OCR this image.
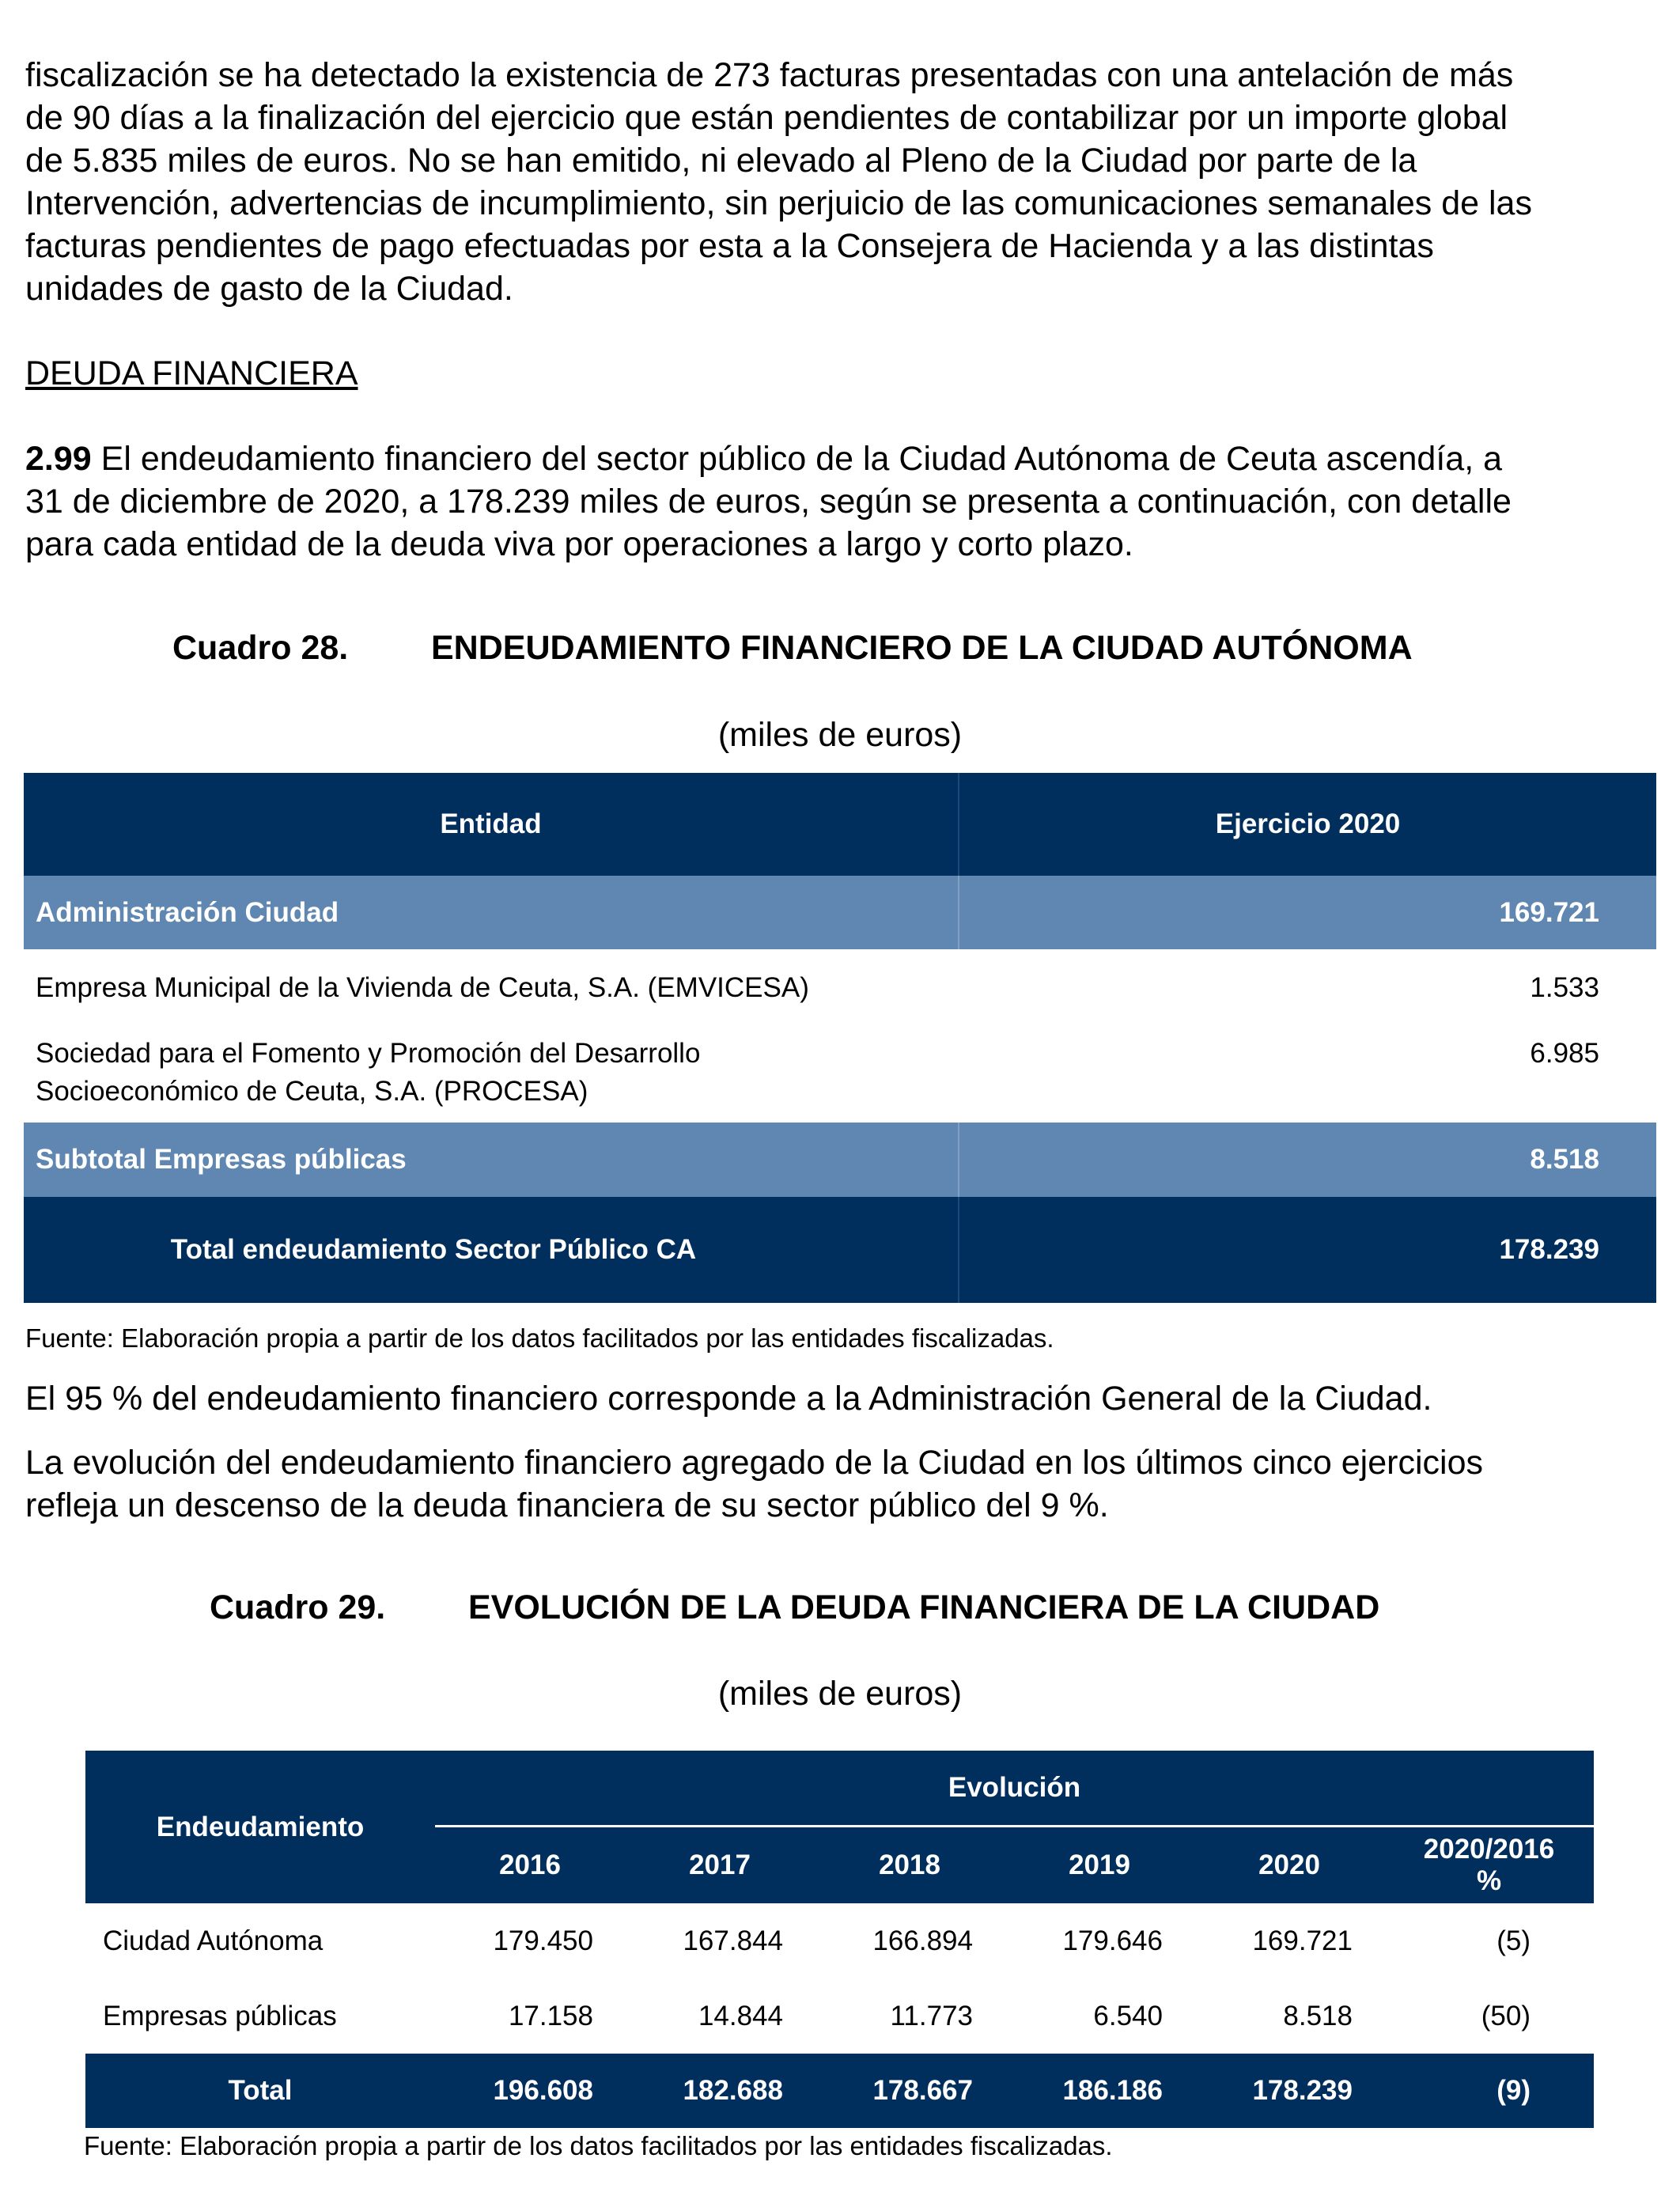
fiscalización se ha detectado la existencia de 273 facturas presentadas con una antelación de más
de 90 días a la finalización del ejercicio que están pendientes de contabilizar por un importe global
de 5.835 miles de euros. No se han emitido, ni elevado al Pleno de la Ciudad por parte de la
Intervención, advertencias de incumplimiento, sin perjuicio de las comunicaciones semanales de las
facturas pendientes de pago efectuadas por esta a la Consejera de Hacienda y a las distintas
unidades de gasto de la Ciudad.
DEUDA FINANCIERA
2.99 El endeudamiento financiero del sector público de la Ciudad Autónoma de Ceuta ascendía, a
31 de diciembre de 2020, a 178.239 miles de euros, según se presenta a continuación, con detalle
para cada entidad de la deuda viva por operaciones a largo y corto plazo.
Cuadro 28. ENDEUDAMIENTO FINANCIERO DE LA CIUDAD AUTÓNOMA
(miles de euros)
Entidad	Ejercicio 2020
Administración Ciudad	169.721
Empresa Municipal de la Vivienda de Ceuta, S.A. (EMVICESA)	1.533

Sociedad para el Fomento y Promoción del Desarrollo
Socioeconómico de Ceuta, S.A. (PROCESA)	6.985
Subtotal Empresas públicas	8.518
Total endeudamiento Sector Público CA	178.239
Fuente: Elaboración propia a partir de los datos facilitados por las entidades fiscalizadas.
El 95 % del endeudamiento financiero corresponde a la Administración General de la Ciudad.
La evolución del endeudamiento financiero agregado de la Ciudad en los últimos cinco ejercicios
refleja un descenso de la deuda financiera de su sector público del 9 %.
Cuadro 29. EVOLUCIÓN DE LA DEUDA FINANCIERA DE LA CIUDAD
(miles de euros)
Endeudamiento	Evolución					
	2016	2017	2018	2019	2020	2020/2016
%

Ciudad Autónoma	179.450	167.844	166.894	179.646	169.721	(5)
Empresas públicas	17.158	14.844	11.773	6.540	8.518	(50)
Total	196.608	182.688	178.667	186.186	178.239	(9)
Fuente: Elaboración propia a partir de los datos facilitados por las entidades fiscalizadas.
